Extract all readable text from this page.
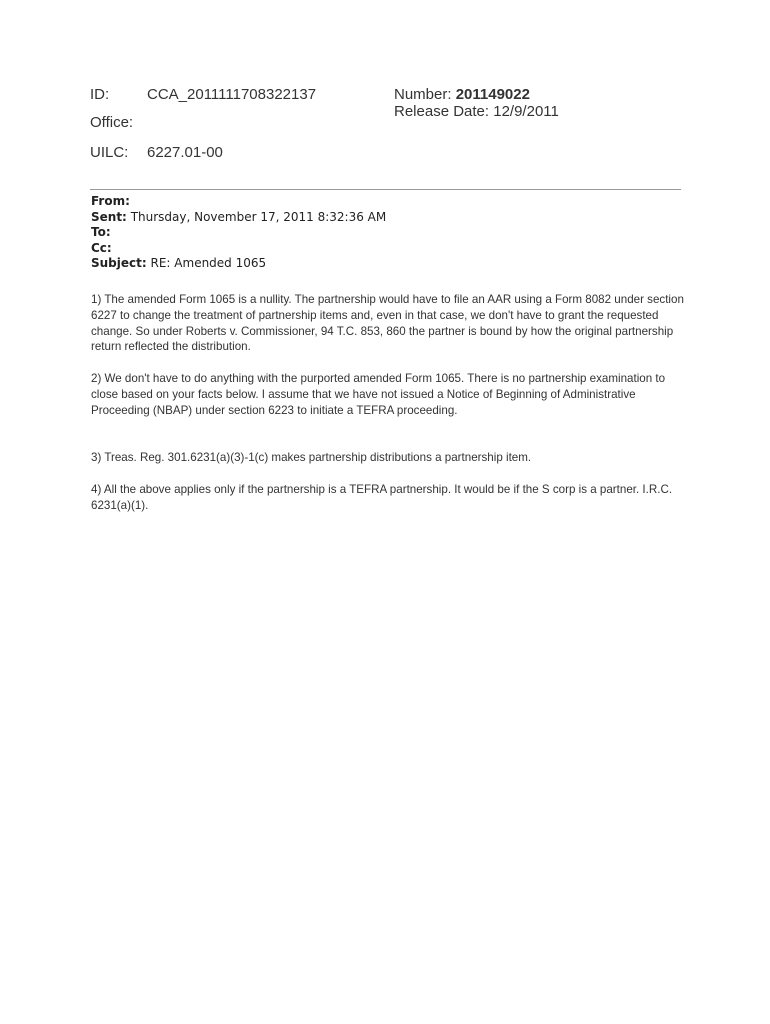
ID:	CCA_2011111708322137
Office:
UILC: 6227.01-00
Number: 201149022
Release Date: 12/9/2011
From:
Sent: Thursday, November 17, 2011 8:32:36 AM
To:
Cc:
Subject: RE: Amended 1065

1) The amended Form 1065 is a nullity. The partnership would have to file an AAR using a Form 8082 under section 6227 to change the treatment of partnership items and, even in that case, we don't have to grant the requested change. So under Roberts v. Commissioner, 94 T.C. 853, 860 the partner is bound by how the original partnership return reflected the distribution.

2) We don't have to do anything with the purported amended Form 1065. There is no partnership examination to close based on your facts below. I assume that we have not issued a Notice of Beginning of Administrative Proceeding (NBAP) under section 6223 to initiate a TEFRA proceeding.

3) Treas. Reg. 301.6231(a)(3)-1(c) makes partnership distributions a partnership item.

4) All the above applies only if the partnership is a TEFRA partnership. It would be if the S corp is a partner. I.R.C. 6231(a)(1).
